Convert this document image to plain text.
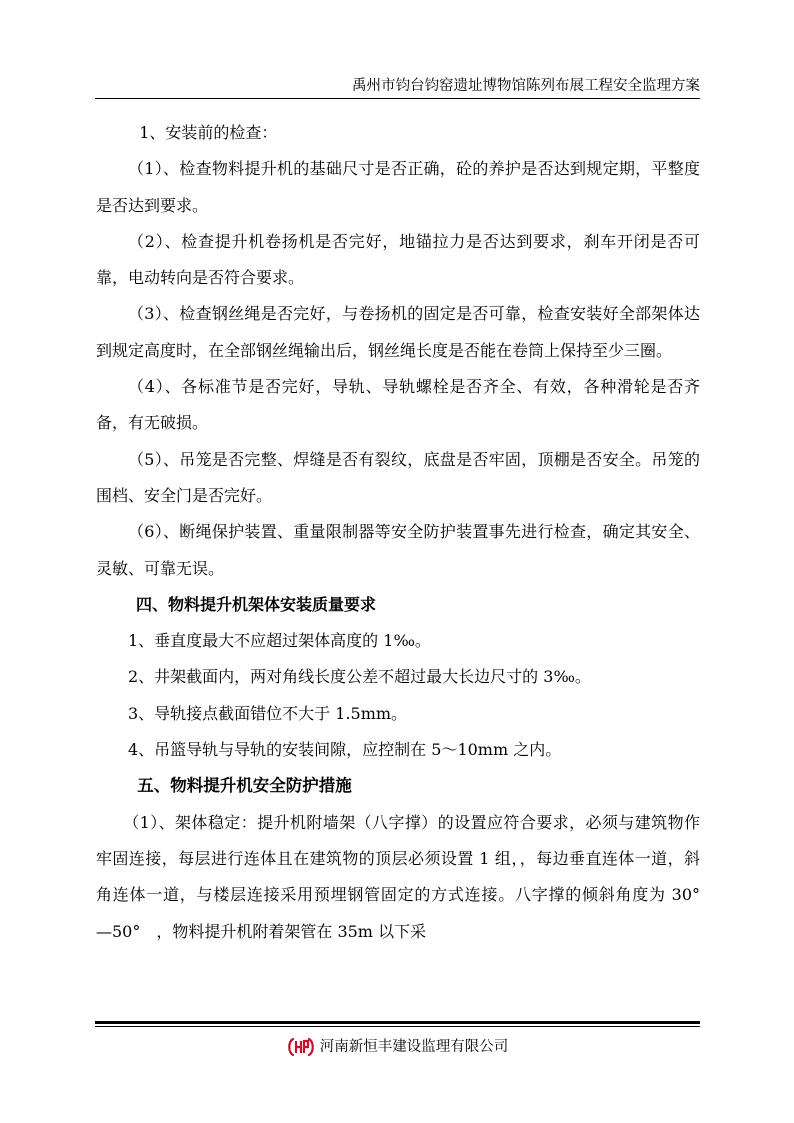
禹州市钧台钧窑遗址博物馆陈列布展工程安全监理方案

1、安装前的检查：

（1）、检查物料提升机的基础尺寸是否正确，砼的养护是否达到规定期，平整度是否达到要求。

（2）、检查提升机卷扬机是否完好，地锚拉力是否达到要求，刹车开闭是否可靠，电动转向是否符合要求。

（3）、检查钢丝绳是否完好，与卷扬机的固定是否可靠，检查安装好全部架体达到规定高度时，在全部钢丝绳输出后，钢丝绳长度是否能在卷筒上保持至少三圈。

（4）、各标准节是否完好，导轨、导轨螺栓是否齐全、有效，各种滑轮是否齐备，有无破损。

（5）、吊笼是否完整、焊缝是否有裂纹，底盘是否牢固，顶棚是否安全。吊笼的围档、安全门是否完好。

（6）、断绳保护装置、重量限制器等安全防护装置事先进行检查，确定其安全、灵敏、可靠无误。

四、物料提升机架体安装质量要求

1、垂直度最大不应超过架体高度的 1‰。

2、井架截面内，两对角线长度公差不超过最大长边尺寸的 3‰。

3、导轨接点截面错位不大于 1.5mm。

4、吊篮导轨与导轨的安装间隙，应控制在 5～10mm 之内。

五、物料提升机安全防护措施

（1）、架体稳定：提升机附墙架（八字撑）的设置应符合要求，必须与建筑物作牢固连接，每层进行连体且在建筑物的顶层必须设置 1 组，，每边垂直连体一道，斜角连体一道，与楼层连接采用预埋钢管固定的方式连接。八字撑的倾斜角度为 30°　—50°　，物料提升机附着架管在 35m 以下采

河南新恒丰建设监理有限公司
